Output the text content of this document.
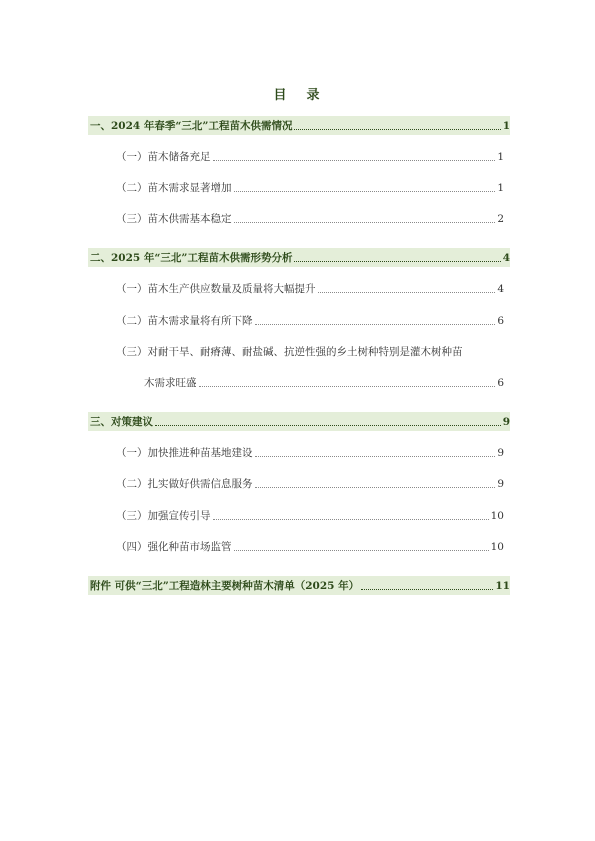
目 录
一、2024 年春季“三北”工程苗木供需情况	1
（一）苗木储备充足	1
（二）苗木需求显著增加	1
（三）苗木供需基本稳定	2
二、2025 年“三北”工程苗木供需形势分析	4
（一）苗木生产供应数量及质量将大幅提升	4
（二）苗木需求量将有所下降	6
（三）对耐干旱、耐瘠薄、耐盐碱、抗逆性强的乡土树种特别是灌木树种苗
木需求旺盛	6
三、对策建议	9
（一）加快推进种苗基地建设	9
（二）扎实做好供需信息服务	9
（三）加强宣传引导	10
（四）强化种苗市场监管	10
附件 可供“三北”工程造林主要树种苗木清单（2025 年）	11
